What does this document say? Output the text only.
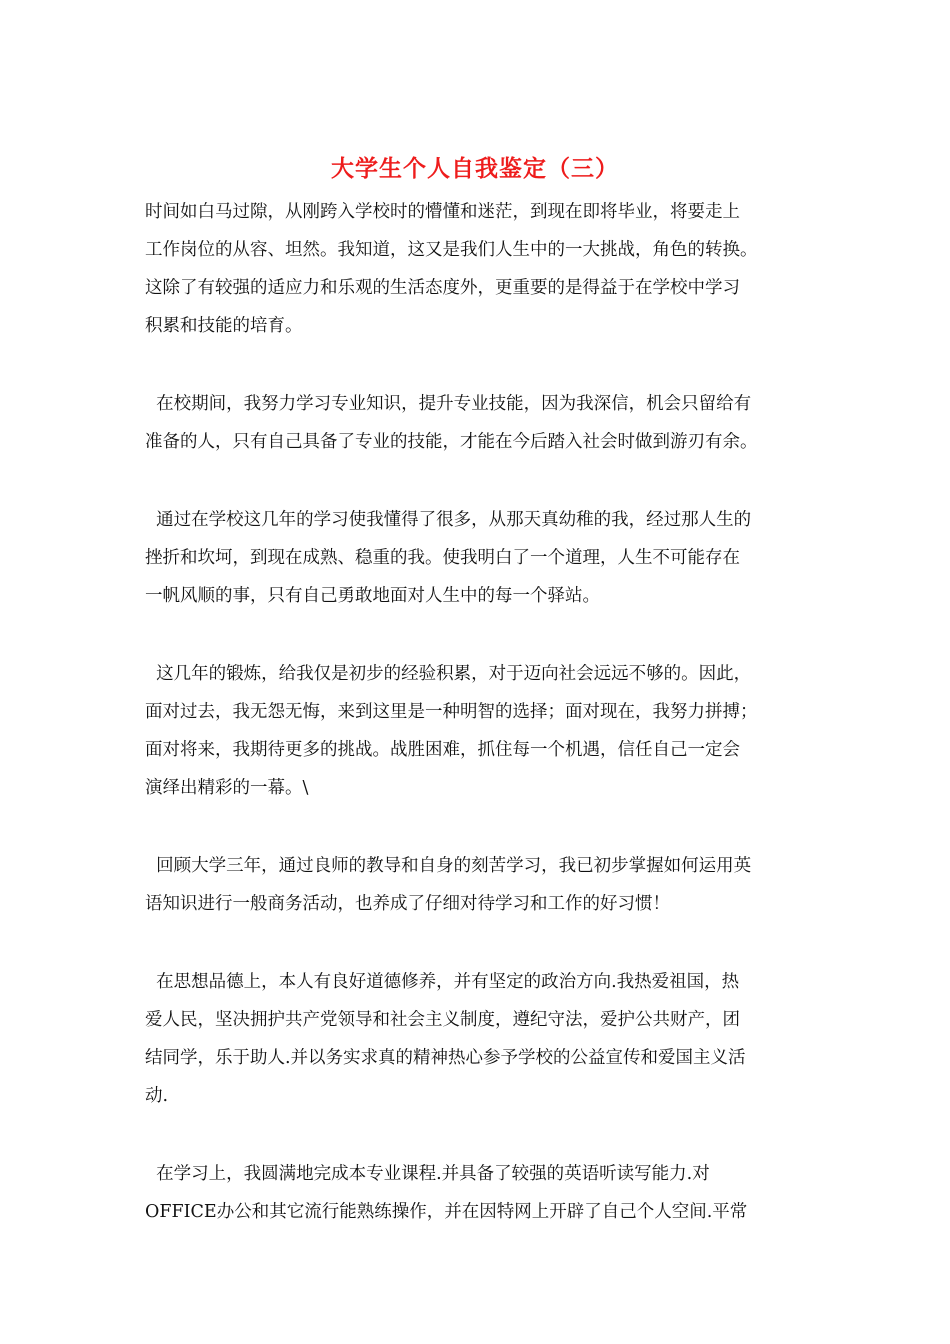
大学生个人自我鉴定（三）
时间如白马过隙，从刚跨入学校时的懵懂和迷茫，到现在即将毕业，将要走上
工作岗位的从容、坦然。我知道，这又是我们人生中的一大挑战，角色的转换。
这除了有较强的适应力和乐观的生活态度外，更重要的是得益于在学校中学习
积累和技能的培育。
在校期间，我努力学习专业知识，提升专业技能，因为我深信，机会只留给有
准备的人，只有自己具备了专业的技能，才能在今后踏入社会时做到游刃有余。
通过在学校这几年的学习使我懂得了很多，从那天真幼稚的我，经过那人生的
挫折和坎坷，到现在成熟、稳重的我。使我明白了一个道理，人生不可能存在
一帆风顺的事，只有自己勇敢地面对人生中的每一个驿站。
这几年的锻炼，给我仅是初步的经验积累，对于迈向社会远远不够的。因此，
面对过去，我无怨无悔，来到这里是一种明智的选择；面对现在，我努力拼搏；
面对将来，我期待更多的挑战。战胜困难，抓住每一个机遇，信任自己一定会
演绎出精彩的一幕。\
回顾大学三年，通过良师的教导和自身的刻苦学习，我已初步掌握如何运用英
语知识进行一般商务活动，也养成了仔细对待学习和工作的好习惯！
在思想品德上，本人有良好道德修养，并有坚定的政治方向.我热爱祖国，热
爱人民，坚决拥护共产党领导和社会主义制度，遵纪守法，爱护公共财产，团
结同学，乐于助人.并以务实求真的精神热心参予学校的公益宣传和爱国主义活
动.
在学习上，我圆满地完成本专业课程.并具备了较强的英语听读写能力.对
OFFICE办公和其它流行能熟练操作，并在因特网上开辟了自己个人空间.平常
